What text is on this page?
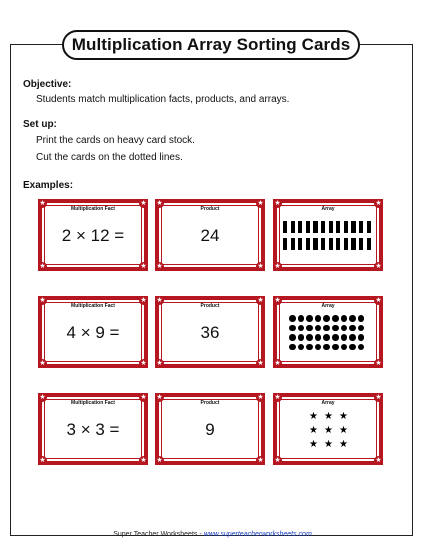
Multiplication Array Sorting Cards
Objective:
Students match multiplication facts, products, and arrays.
Set up:
Print the cards on heavy card stock.
Cut the cards on the dotted lines.
Examples:
★	★
★	★
Multiplication Fact
2 × 12 =
★	★
★	★
Product
24
★	★
★	★
Array
★	★
★	★
Multiplication Fact
4 × 9 =
★	★
★	★
Product
36
★	★
★	★
Array
★	★
★	★
Multiplication Fact
3 × 3 =
★	★
★	★
Product
9
★	★
★	★
Array
★ ★ ★
★ ★ ★
★ ★ ★
Super Teacher Worksheets - www.superteacherworksheets.com
